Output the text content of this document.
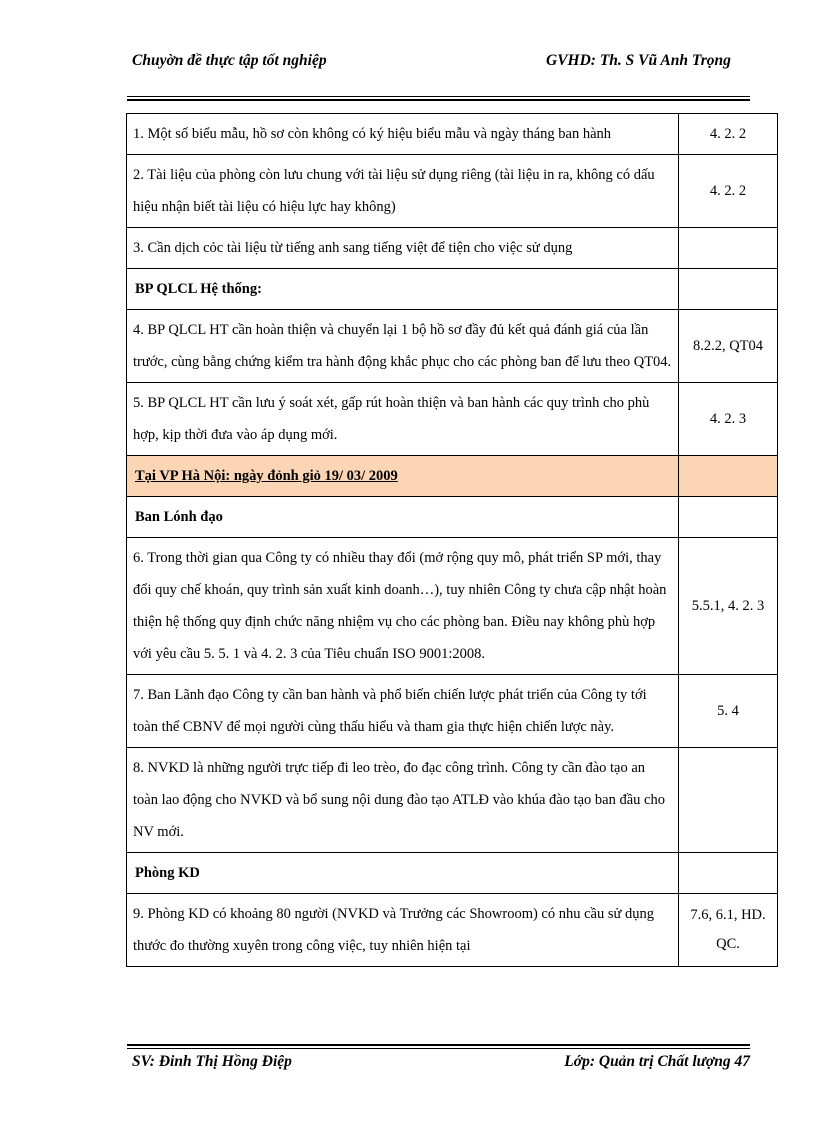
Chuyờn đề thực tập tốt nghiệp	GVHD: Th. S Vũ Anh Trọng
1. Một số biểu mẫu, hồ sơ còn không có ký hiệu biểu mẫu và ngày tháng ban hành	4. 2. 2
2. Tài liệu của phòng còn lưu chung với tài liệu sử dụng riêng (tài liệu in ra, không có dấu hiệu nhận biết tài liệu có hiệu lực hay không)	4. 2. 2
3. Cần dịch cỏc tài liệu từ tiếng anh sang tiếng việt để tiện cho việc sử dụng	
BP QLCL Hệ thống:	
4. BP QLCL HT cần hoàn thiện và chuyển lại 1 bộ hồ sơ đầy đủ kết quả đánh giá của lần trước, cùng bằng chứng kiểm tra hành động khắc phục cho các phòng ban để lưu theo QT04.	8.2.2, QT04
5. BP QLCL HT cần lưu ý soát xét, gấp rút hoàn thiện và ban hành các quy trình cho phù hợp, kịp thời đưa vào áp dụng mới.	4. 2. 3
Tại VP Hà Nội: ngày đỏnh giỏ 19/ 03/ 2009	
Ban Lónh đạo	
6. Trong thời gian qua Công ty có nhiều thay đổi (mở rộng quy mô, phát triển SP mới, thay đổi quy chế khoán, quy trình sản xuất kinh doanh…), tuy nhiên Công ty chưa cập nhật hoàn thiện hệ thống quy định chức năng nhiệm vụ cho các phòng ban. Điều nay không phù hợp với yêu cầu 5. 5. 1 và 4. 2. 3 của Tiêu chuẩn ISO 9001:2008.	5.5.1, 4. 2. 3
7. Ban Lãnh đạo Công ty cần ban hành và phổ biến chiến lược phát triển của Công ty tới toàn thể CBNV để mọi người cùng thấu hiểu và tham gia thực hiện chiến lược này.	5. 4
8. NVKD là những người trực tiếp đi leo trèo, đo đạc công trình. Công ty cần đào tạo an toàn lao động cho NVKD và bổ sung nội dung đào tạo ATLĐ vào khúa đào tạo ban đầu cho NV mới.	
Phòng KD	
9. Phòng KD có khoảng 80 người (NVKD và Trưởng các Showroom) có nhu cầu sử dụng thước đo thường xuyên trong công việc, tuy nhiên hiện tại	7.6, 6.1, HD. QC.
SV: Đinh Thị Hồng Điệp	Lớp: Quản trị Chất lượng 47
